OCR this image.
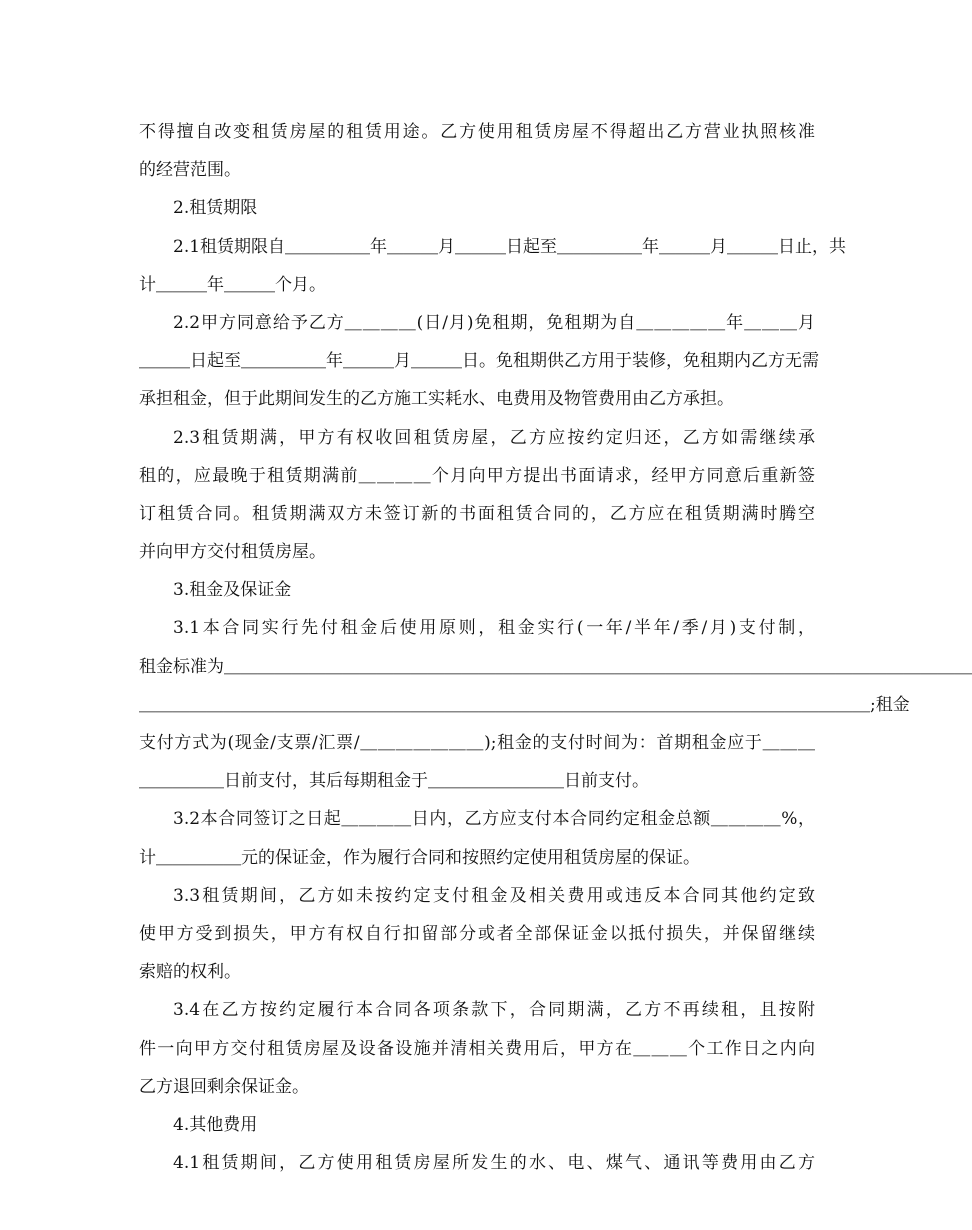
不得擅自改变租赁房屋的租赁用途。乙方使用租赁房屋不得超出乙方营业执照核准
的经营范围。
2.租赁期限
2.1租赁期限自＿＿＿＿＿年＿＿＿月＿＿＿日起至＿＿＿＿＿年＿＿＿月＿＿＿日止，共
计＿＿＿年＿＿＿个月。
2.2甲方同意给予乙方＿＿＿＿(日/月)免租期，免租期为自＿＿＿＿＿年＿＿＿月
＿＿＿日起至＿＿＿＿＿年＿＿＿月＿＿＿日。免租期供乙方用于装修，免租期内乙方无需
承担租金，但于此期间发生的乙方施工实耗水、电费用及物管费用由乙方承担。
2.3租赁期满，甲方有权收回租赁房屋，乙方应按约定归还，乙方如需继续承
租的，应最晚于租赁期满前＿＿＿＿个月向甲方提出书面请求，经甲方同意后重新签
订租赁合同。租赁期满双方未签订新的书面租赁合同的，乙方应在租赁期满时腾空
并向甲方交付租赁房屋。
3.租金及保证金
3.1本合同实行先付租金后使用原则，租金实行(一年/半年/季/月)支付制，
租金标准为＿＿＿＿＿＿＿＿＿＿＿＿＿＿＿＿＿＿＿＿＿＿＿＿＿＿＿＿＿＿＿＿＿＿＿＿＿＿＿＿＿＿＿＿
＿＿＿＿＿＿＿＿＿＿＿＿＿＿＿＿＿＿＿＿＿＿＿＿＿＿＿＿＿＿＿＿＿＿＿＿＿＿＿＿＿＿＿;租金
支付方式为(现金/支票/汇票/＿＿＿＿＿＿＿);租金的支付时间为：首期租金应于＿＿＿
＿＿＿＿＿日前支付，其后每期租金于＿＿＿＿＿＿＿＿日前支付。
3.2本合同签订之日起＿＿＿＿日内，乙方应支付本合同约定租金总额＿＿＿＿%，
计＿＿＿＿＿元的保证金，作为履行合同和按照约定使用租赁房屋的保证。
3.3租赁期间，乙方如未按约定支付租金及相关费用或违反本合同其他约定致
使甲方受到损失，甲方有权自行扣留部分或者全部保证金以抵付损失，并保留继续
索赔的权利。
3.4在乙方按约定履行本合同各项条款下，合同期满，乙方不再续租，且按附
件一向甲方交付租赁房屋及设备设施并清相关费用后，甲方在＿＿＿个工作日之内向
乙方退回剩余保证金。
4.其他费用
4.1租赁期间，乙方使用租赁房屋所发生的水、电、煤气、通讯等费用由乙方
